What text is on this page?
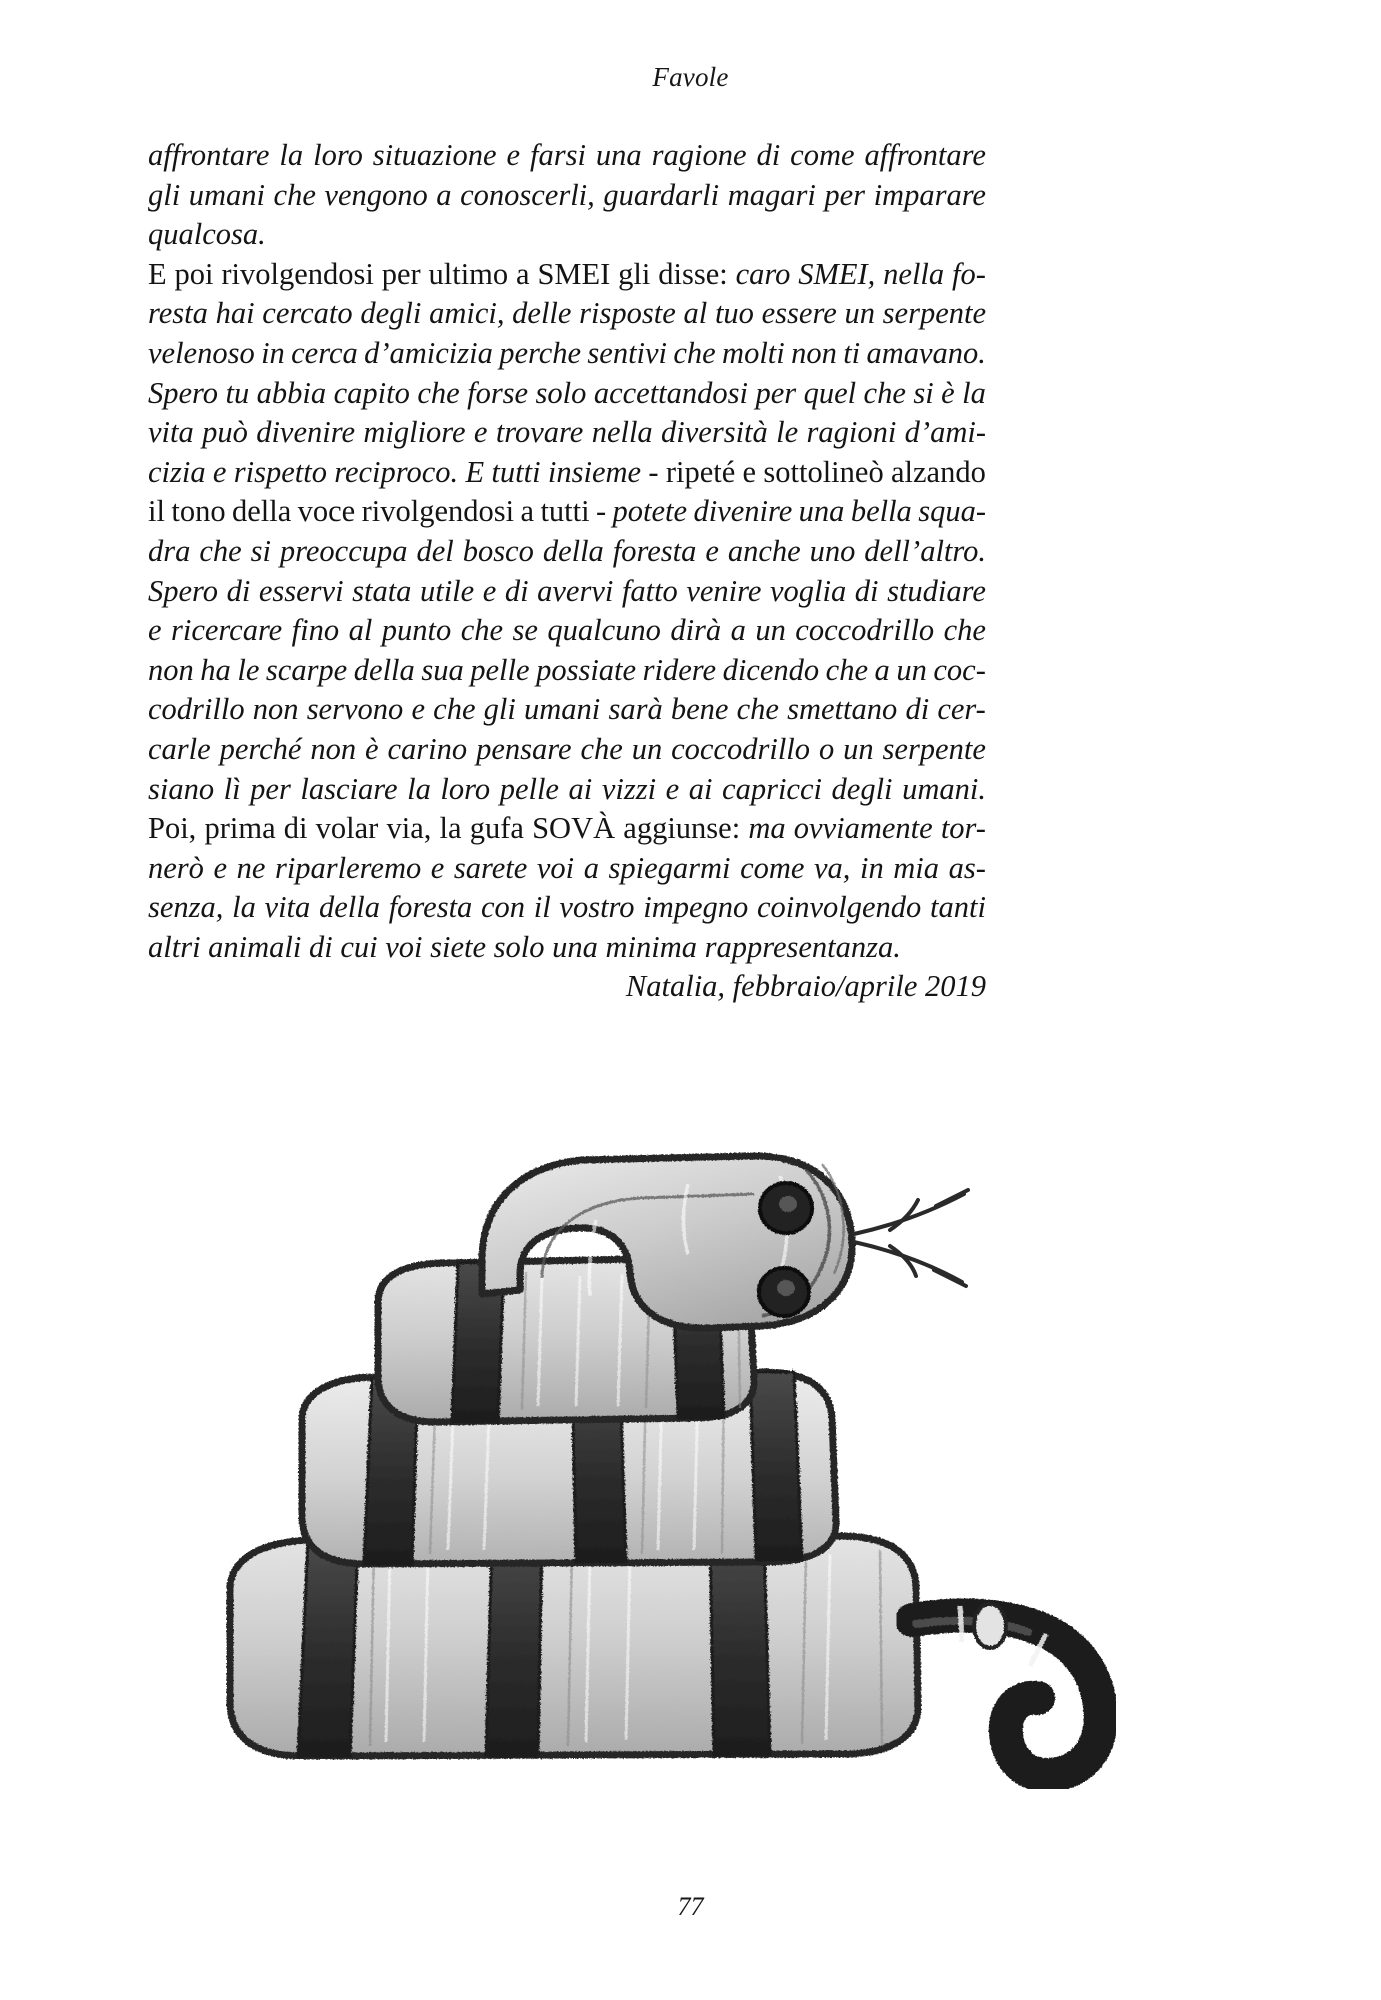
Favole

affrontare la loro situazione e farsi una ragione di come affrontare
gli umani che vengono a conoscerli, guardarli magari per imparare
qualcosa.
E poi rivolgendosi per ultimo a SMEI gli disse: caro SMEI, nella fo-
resta hai cercato degli amici, delle risposte al tuo essere un serpente
velenoso in cerca d’amicizia perche sentivi che molti non ti amavano.
Spero tu abbia capito che forse solo accettandosi per quel che si è la
vita può divenire migliore e trovare nella diversità le ragioni d’ami-
cizia e rispetto reciproco. E tutti insieme - ripeté e sottolineò alzando
il tono della voce rivolgendosi a tutti - potete divenire una bella squa-
dra che si preoccupa del bosco della foresta e anche uno dell’altro.
Spero di esservi stata utile e di avervi fatto venire voglia di studiare
e ricercare fino al punto che se qualcuno dirà a un coccodrillo che
non ha le scarpe della sua pelle possiate ridere dicendo che a un coc-
codrillo non servono e che gli umani sarà bene che smettano di cer-
carle perché non è carino pensare che un coccodrillo o un serpente
siano lì per lasciare la loro pelle ai vizzi e ai capricci degli umani.
Poi, prima di volar via, la gufa SOVÀ aggiunse: ma ovviamente tor-
nerò e ne riparleremo e sarete voi a spiegarmi come va, in mia as-
senza, la vita della foresta con il vostro impegno coinvolgendo tanti
altri animali di cui voi siete solo una minima rappresentanza.

Natalia, febbraio/aprile 2019
77
